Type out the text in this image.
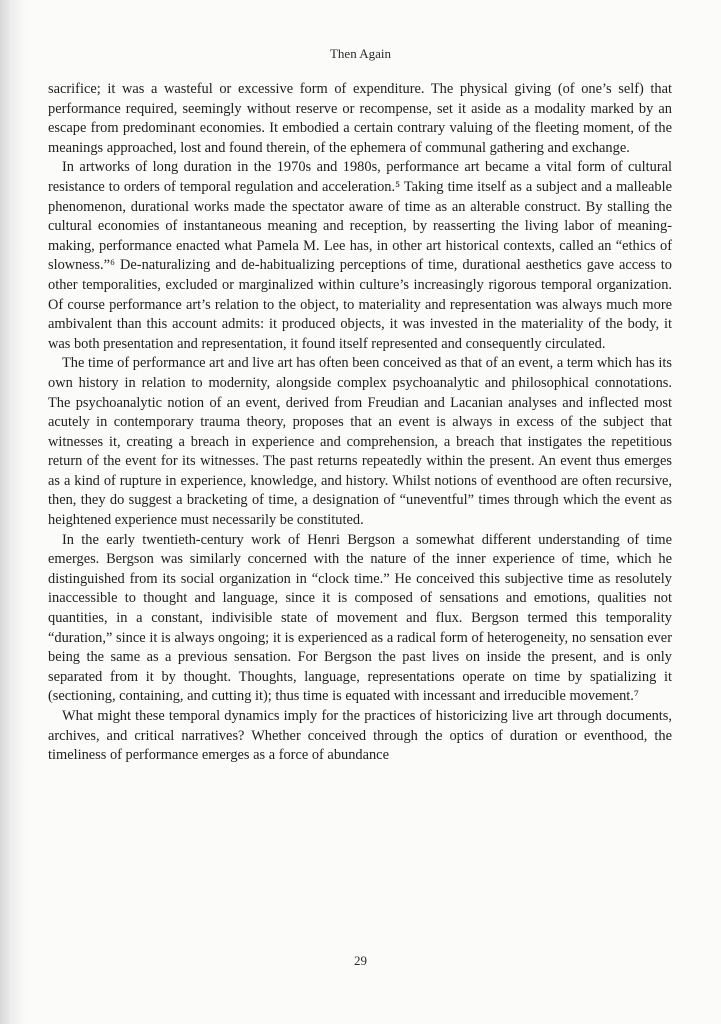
Then Again

sacrifice; it was a wasteful or excessive form of expenditure. The physical giving (of one’s self) that performance required, seemingly without reserve or recompense, set it aside as a modality marked by an escape from predominant economies. It embodied a certain contrary valuing of the fleeting moment, of the meanings approached, lost and found therein, of the ephemera of communal gathering and exchange.

In artworks of long duration in the 1970s and 1980s, performance art became a vital form of cultural resistance to orders of temporal regulation and acceleration.⁵ Taking time itself as a subject and a malleable phenomenon, durational works made the spectator aware of time as an alterable construct. By stalling the cultural economies of instantaneous meaning and reception, by reasserting the living labor of meaning-making, performance enacted what Pamela M. Lee has, in other art historical contexts, called an “ethics of slowness.”⁶ De-naturalizing and de-habitualizing perceptions of time, durational aesthetics gave access to other temporalities, excluded or marginalized within culture’s increasingly rigorous temporal organization. Of course performance art’s relation to the object, to materiality and representation was always much more ambivalent than this account admits: it produced objects, it was invested in the materiality of the body, it was both presentation and representation, it found itself represented and consequently circulated.

The time of performance art and live art has often been conceived as that of an event, a term which has its own history in relation to modernity, alongside complex psychoanalytic and philosophical connotations. The psychoanalytic notion of an event, derived from Freudian and Lacanian analyses and inflected most acutely in contemporary trauma theory, proposes that an event is always in excess of the subject that witnesses it, creating a breach in experience and comprehension, a breach that instigates the repetitious return of the event for its witnesses. The past returns repeatedly within the present. An event thus emerges as a kind of rupture in experience, knowledge, and history. Whilst notions of eventhood are often recursive, then, they do suggest a bracketing of time, a designation of “uneventful” times through which the event as heightened experience must necessarily be constituted.

In the early twentieth-century work of Henri Bergson a somewhat different understanding of time emerges. Bergson was similarly concerned with the nature of the inner experience of time, which he distinguished from its social organization in “clock time.” He conceived this subjective time as resolutely inaccessible to thought and language, since it is composed of sensations and emotions, qualities not quantities, in a constant, indivisible state of movement and flux. Bergson termed this temporality “duration,” since it is always ongoing; it is experienced as a radical form of heterogeneity, no sensation ever being the same as a previous sensation. For Bergson the past lives on inside the present, and is only separated from it by thought. Thoughts, language, representations operate on time by spatializing it (sectioning, containing, and cutting it); thus time is equated with incessant and irreducible movement.⁷

What might these temporal dynamics imply for the practices of historicizing live art through documents, archives, and critical narratives? Whether conceived through the optics of duration or eventhood, the timeliness of performance emerges as a force of abundance

29
